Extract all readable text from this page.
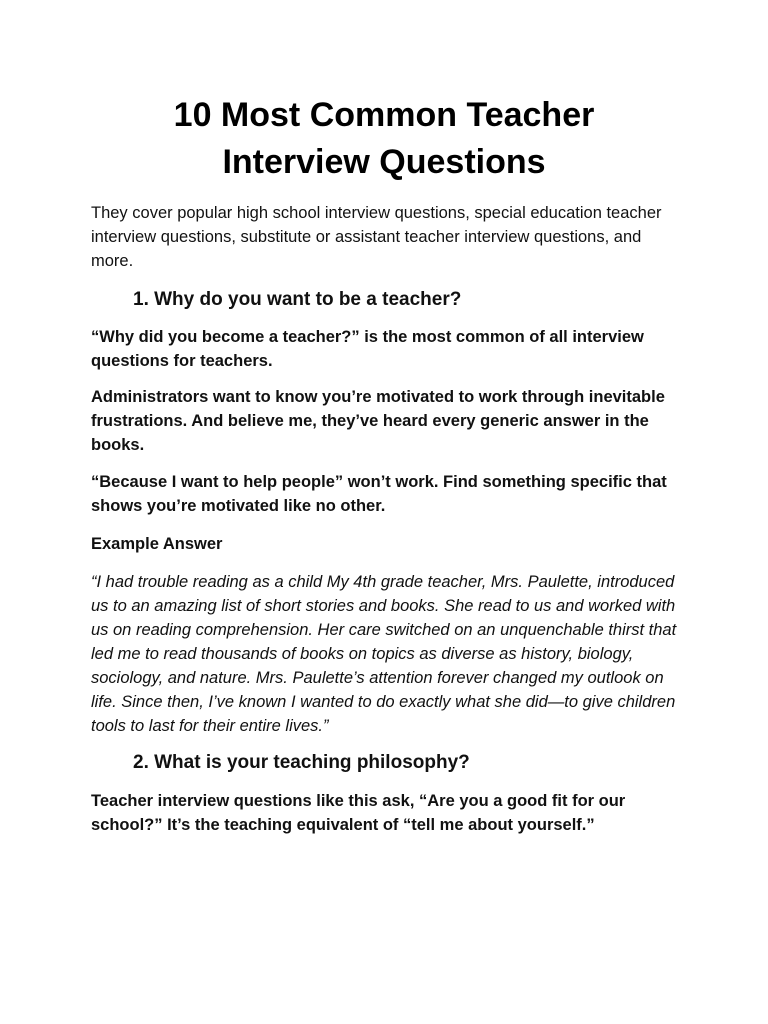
10 Most Common Teacher
Interview Questions

They cover popular high school interview questions, special education teacher interview questions, substitute or assistant teacher interview questions, and more.

1. Why do you want to be a teacher?

“Why did you become a teacher?” is the most common of all interview questions for teachers.

Administrators want to know you’re motivated to work through inevitable frustrations. And believe me, they’ve heard every generic answer in the books.

“Because I want to help people” won’t work. Find something specific that shows you’re motivated like no other.

Example Answer

“I had trouble reading as a child My 4th grade teacher, Mrs. Paulette, introduced us to an amazing list of short stories and books. She read to us and worked with us on reading comprehension. Her care switched on an unquenchable thirst that led me to read thousands of books on topics as diverse as history, biology, sociology, and nature. Mrs. Paulette’s attention forever changed my outlook on life. Since then, I’ve known I wanted to do exactly what she did—to give children tools to last for their entire lives.”

2. What is your teaching philosophy?

Teacher interview questions like this ask, “Are you a good fit for our school?” It’s the teaching equivalent of “tell me about yourself.”
